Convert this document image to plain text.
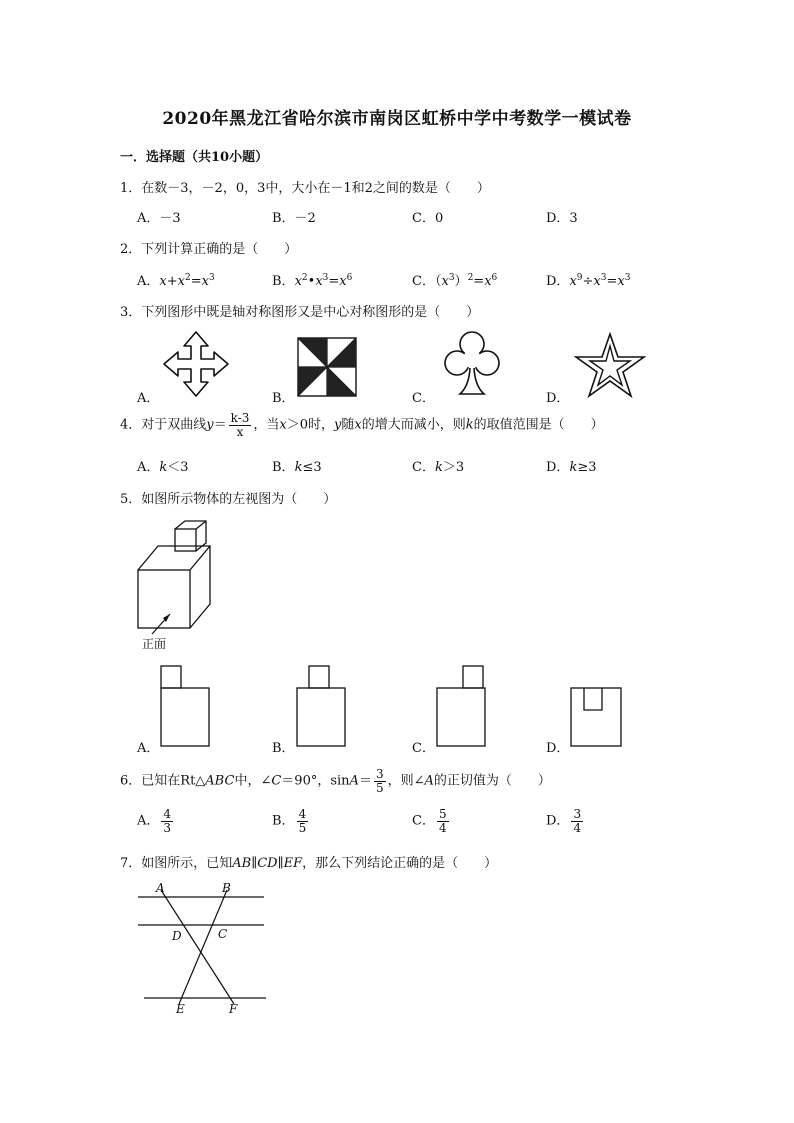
2020年黑龙江省哈尔滨市南岗区虹桥中学中考数学一模试卷
一．选择题（共10小题）
1．在数－3，－2，0，3中，大小在－1和2之间的数是（　　）
A．－3	B．－2	C．0	D．3
2．下列计算正确的是（　　）
A．$x+x^2=x^3$	B．$x^2•x^3=x^6$	C．$(x^3)^2=x^6$	D．$x^9\div x^3=x^3$
3．下列图形中既是轴对称图形又是中心对称图形的是（　　）
A．	B．	C．	D．
4．对于双曲线$y= \frac{k-3}{x}$ ，当x＞0时，y随x的增大而减小，则k的取值范围是（　　）
A．k＜3	B．k≤3	C．k＞3	D．k≥3
5．如图所示物体的左视图为（　　）
正面
A．	B．	C．	D．
6．已知在Rt△ABC中，∠C＝90°，$\sin A= \frac{3}{5}$ ，则∠A的正切值为（　　）
A． $\frac{4}{3}$	B． $\frac{4}{5}$	C． $\frac{5}{4}$	D． $\frac{3}{4}$
7．如图所示，已知AB∥CD∥EF，那么下列结论正确的是（　　）
A	B
D	C
E	F
